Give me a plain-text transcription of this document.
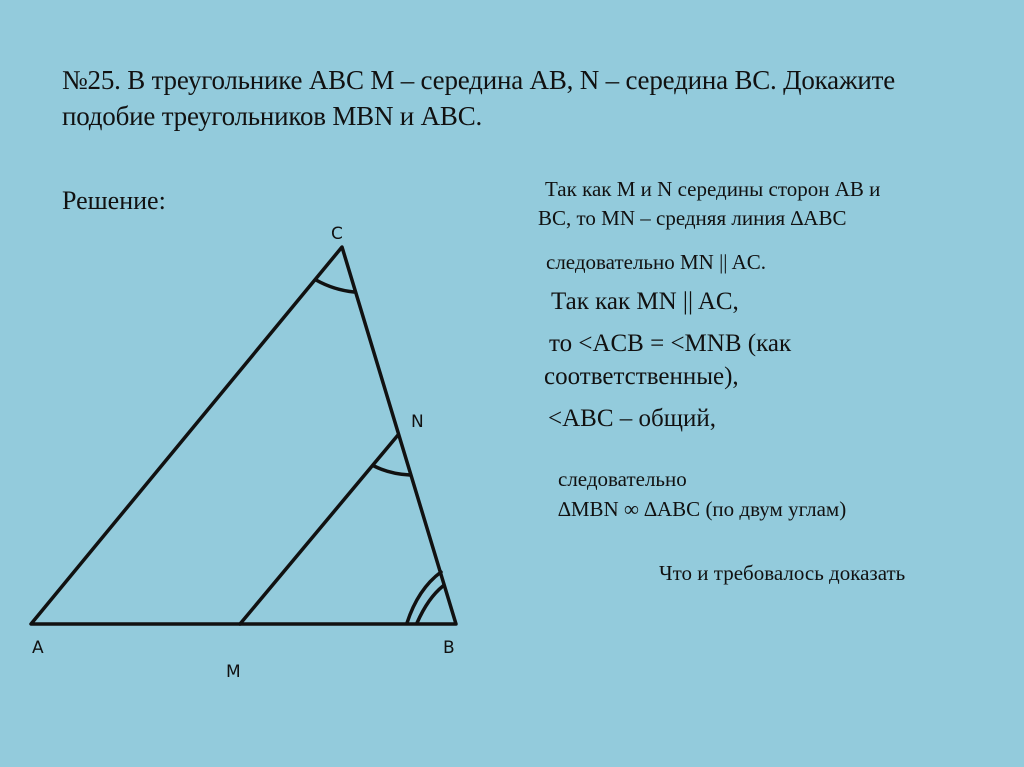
№25. В треугольнике ABC M – середина AB, N – середина BC. Докажите
подобие треугольников MBN и ABC.
Решение:
C
N
A	B
M
Так как M и N середины сторон AB и
BC, то MN – средняя линия ∆ABC
следовательно MN || AC.
Так как MN || AC,
то <ACB = <MNB (как
соответственные),
<ABC – общий,
следовательно
∆MBN ∞ ∆ABC (по двум углам)
Что и требовалось доказать
